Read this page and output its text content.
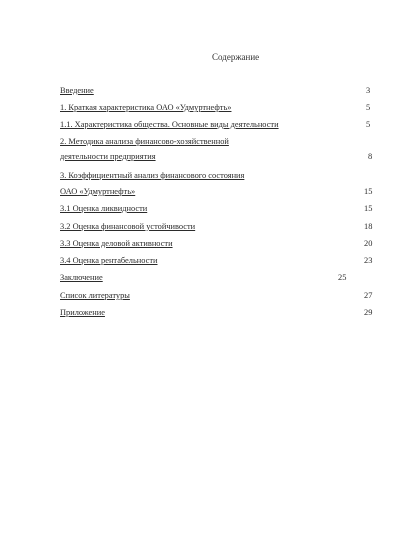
Содержание
Введение	3
1. Краткая характеристика ОАО «Удмуртнефть»	5
1.1. Характеристика общества. Основные виды деятельности	5
2. Методика анализа финансово-хозяйственной
деятельности предприятия	8
3. Коэффициентный анализ финансового состояния
ОАО «Удмуртнефть»	15
3.1 Оценка ликвидности	15
3.2 Оценка финансовой устойчивости	18
3.3 Оценка деловой активности	20
3.4 Оценка рентабельности	23
Заключение	25
Список литературы	27
Приложение	29
